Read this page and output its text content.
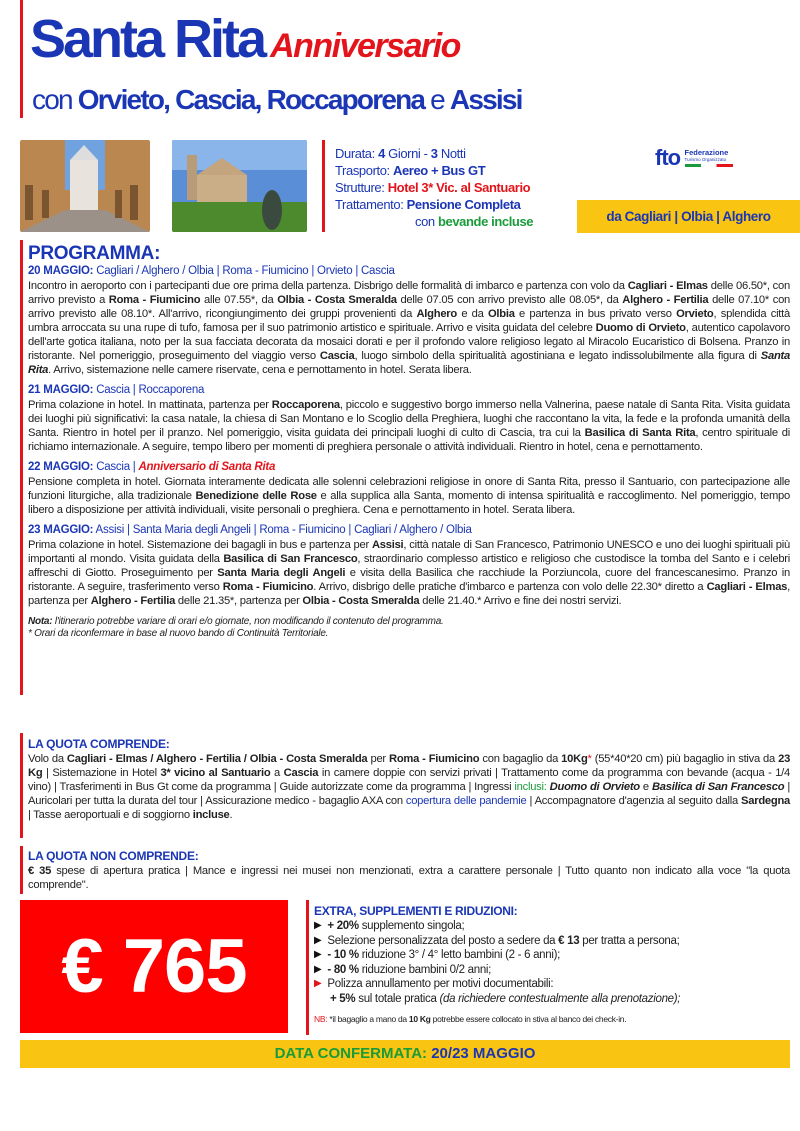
Santa Rita Anniversario
con Orvieto, Cascia, Roccaporena e Assisi
Durata: 4 Giorni - 3 Notti
Trasporto: Aereo + Bus GT
Strutture: Hotel 3* Vic. al Santuario
Trattamento: Pensione Completa
con bevande incluse
fto Federazione
Turismo Organizzato
da Cagliari | Olbia | Alghero
PROGRAMMA:
20 MAGGIO: Cagliari / Alghero / Olbia | Roma - Fiumicino | Orvieto | Cascia
Incontro in aeroporto con i partecipanti due ore prima della partenza. Disbrigo delle formalità di imbarco e partenza con volo da Cagliari - Elmas delle 06.50*, con arrivo previsto a Roma - Fiumicino alle 07.55*, da Olbia - Costa Smeralda delle 07.05 con arrivo previsto alle 08.05*, da Alghero - Fertilia delle 07.10* con arrivo previsto alle 08.10*. All'arrivo, ricongiungimento dei gruppi provenienti da Alghero e da Olbia e partenza in bus privato verso Orvieto, splendida città umbra arroccata su una rupe di tufo, famosa per il suo patrimonio artistico e spirituale. Arrivo e visita guidata del celebre Duomo di Orvieto, autentico capolavoro dell'arte gotica italiana, noto per la sua facciata decorata da mosaici dorati e per il profondo valore religioso legato al Miracolo Eucaristico di Bolsena. Pranzo in ristorante. Nel pomeriggio, proseguimento del viaggio verso Cascia, luogo simbolo della spiritualità agostiniana e legato indissolubilmente alla figura di Santa Rita. Arrivo, sistemazione nelle camere riservate, cena e pernottamento in hotel. Serata libera.
21 MAGGIO: Cascia | Roccaporena
Prima colazione in hotel. In mattinata, partenza per Roccaporena, piccolo e suggestivo borgo immerso nella Valnerina, paese natale di Santa Rita. Visita guidata dei luoghi più significativi: la casa natale, la chiesa di San Montano e lo Scoglio della Preghiera, luoghi che raccontano la vita, la fede e la profonda umanità della Santa. Rientro in hotel per il pranzo. Nel pomeriggio, visita guidata dei principali luoghi di culto di Cascia, tra cui la Basilica di Santa Rita, centro spirituale di richiamo internazionale. A seguire, tempo libero per momenti di preghiera personale o attività individuali. Rientro in hotel, cena e pernottamento.
22 MAGGIO: Cascia | Anniversario di Santa Rita
Pensione completa in hotel. Giornata interamente dedicata alle solenni celebrazioni religiose in onore di Santa Rita, presso il Santuario, con partecipazione alle funzioni liturgiche, alla tradizionale Benedizione delle Rose e alla supplica alla Santa, momento di intensa spiritualità e raccoglimento. Nel pomeriggio, tempo libero a disposizione per attività individuali, visite personali o preghiera. Cena e pernottamento in hotel. Serata libera.
23 MAGGIO: Assisi | Santa Maria degli Angeli | Roma - Fiumicino | Cagliari / Alghero / Olbia
Prima colazione in hotel. Sistemazione dei bagagli in bus e partenza per Assisi, città natale di San Francesco, Patrimonio UNESCO e uno dei luoghi spirituali più importanti al mondo. Visita guidata della Basilica di San Francesco, straordinario complesso artistico e religioso che custodisce la tomba del Santo e i celebri affreschi di Giotto. Proseguimento per Santa Maria degli Angeli e visita della Basilica che racchiude la Porziuncola, cuore del francescanesimo. Pranzo in ristorante. A seguire, trasferimento verso Roma - Fiumicino. Arrivo, disbrigo delle pratiche d'imbarco e partenza con volo delle 22.30* diretto a Cagliari - Elmas, partenza per Alghero - Fertilia delle 21.35*, partenza per Olbia - Costa Smeralda delle 21.40.* Arrivo e fine dei nostri servizi.
Nota: l'itinerario potrebbe variare di orari e/o giornate, non modificando il contenuto del programma.
* Orari da riconfermare in base al nuovo bando di Continuità Territoriale.
LA QUOTA COMPRENDE:
Volo da Cagliari - Elmas / Alghero - Fertilia / Olbia - Costa Smeralda per Roma - Fiumicino con bagaglio da 10Kg* (55*40*20 cm) più bagaglio in stiva da 23 Kg | Sistemazione in Hotel 3* vicino al Santuario a Cascia in camere doppie con servizi privati | Trattamento come da programma con bevande (acqua - 1/4 vino) | Trasferimenti in Bus Gt come da programma | Guide autorizzate come da programma | Ingressi inclusi: Duomo di Orvieto e Basilica di San Francesco | Auricolari per tutta la durata del tour | Assicurazione medico - bagaglio AXA con copertura delle pandemie | Accompagnatore d'agenzia al seguito dalla Sardegna | Tasse aeroportuali e di soggiorno incluse.
LA QUOTA NON COMPRENDE:
€ 35 spese di apertura pratica | Mance e ingressi nei musei non menzionati, extra a carattere personale | Tutto quanto non indicato alla voce "la quota comprende".
€ 765
EXTRA, SUPPLEMENTI E RIDUZIONI:
▶ + 20% supplemento singola;
▶ Selezione personalizzata del posto a sedere da € 13 per tratta a persona;
▶ - 10 % riduzione 3° / 4° letto bambini (2 - 6 anni);
▶ - 80 % riduzione bambini 0/2 anni;
▶ Polizza annullamento per motivi documentabili:
+ 5% sul totale pratica (da richiedere contestualmente alla prenotazione);
NB: *il bagaglio a mano da 10 Kg potrebbe essere collocato in stiva al banco dei check-in.
DATA CONFERMATA: 20/23 MAGGIO
